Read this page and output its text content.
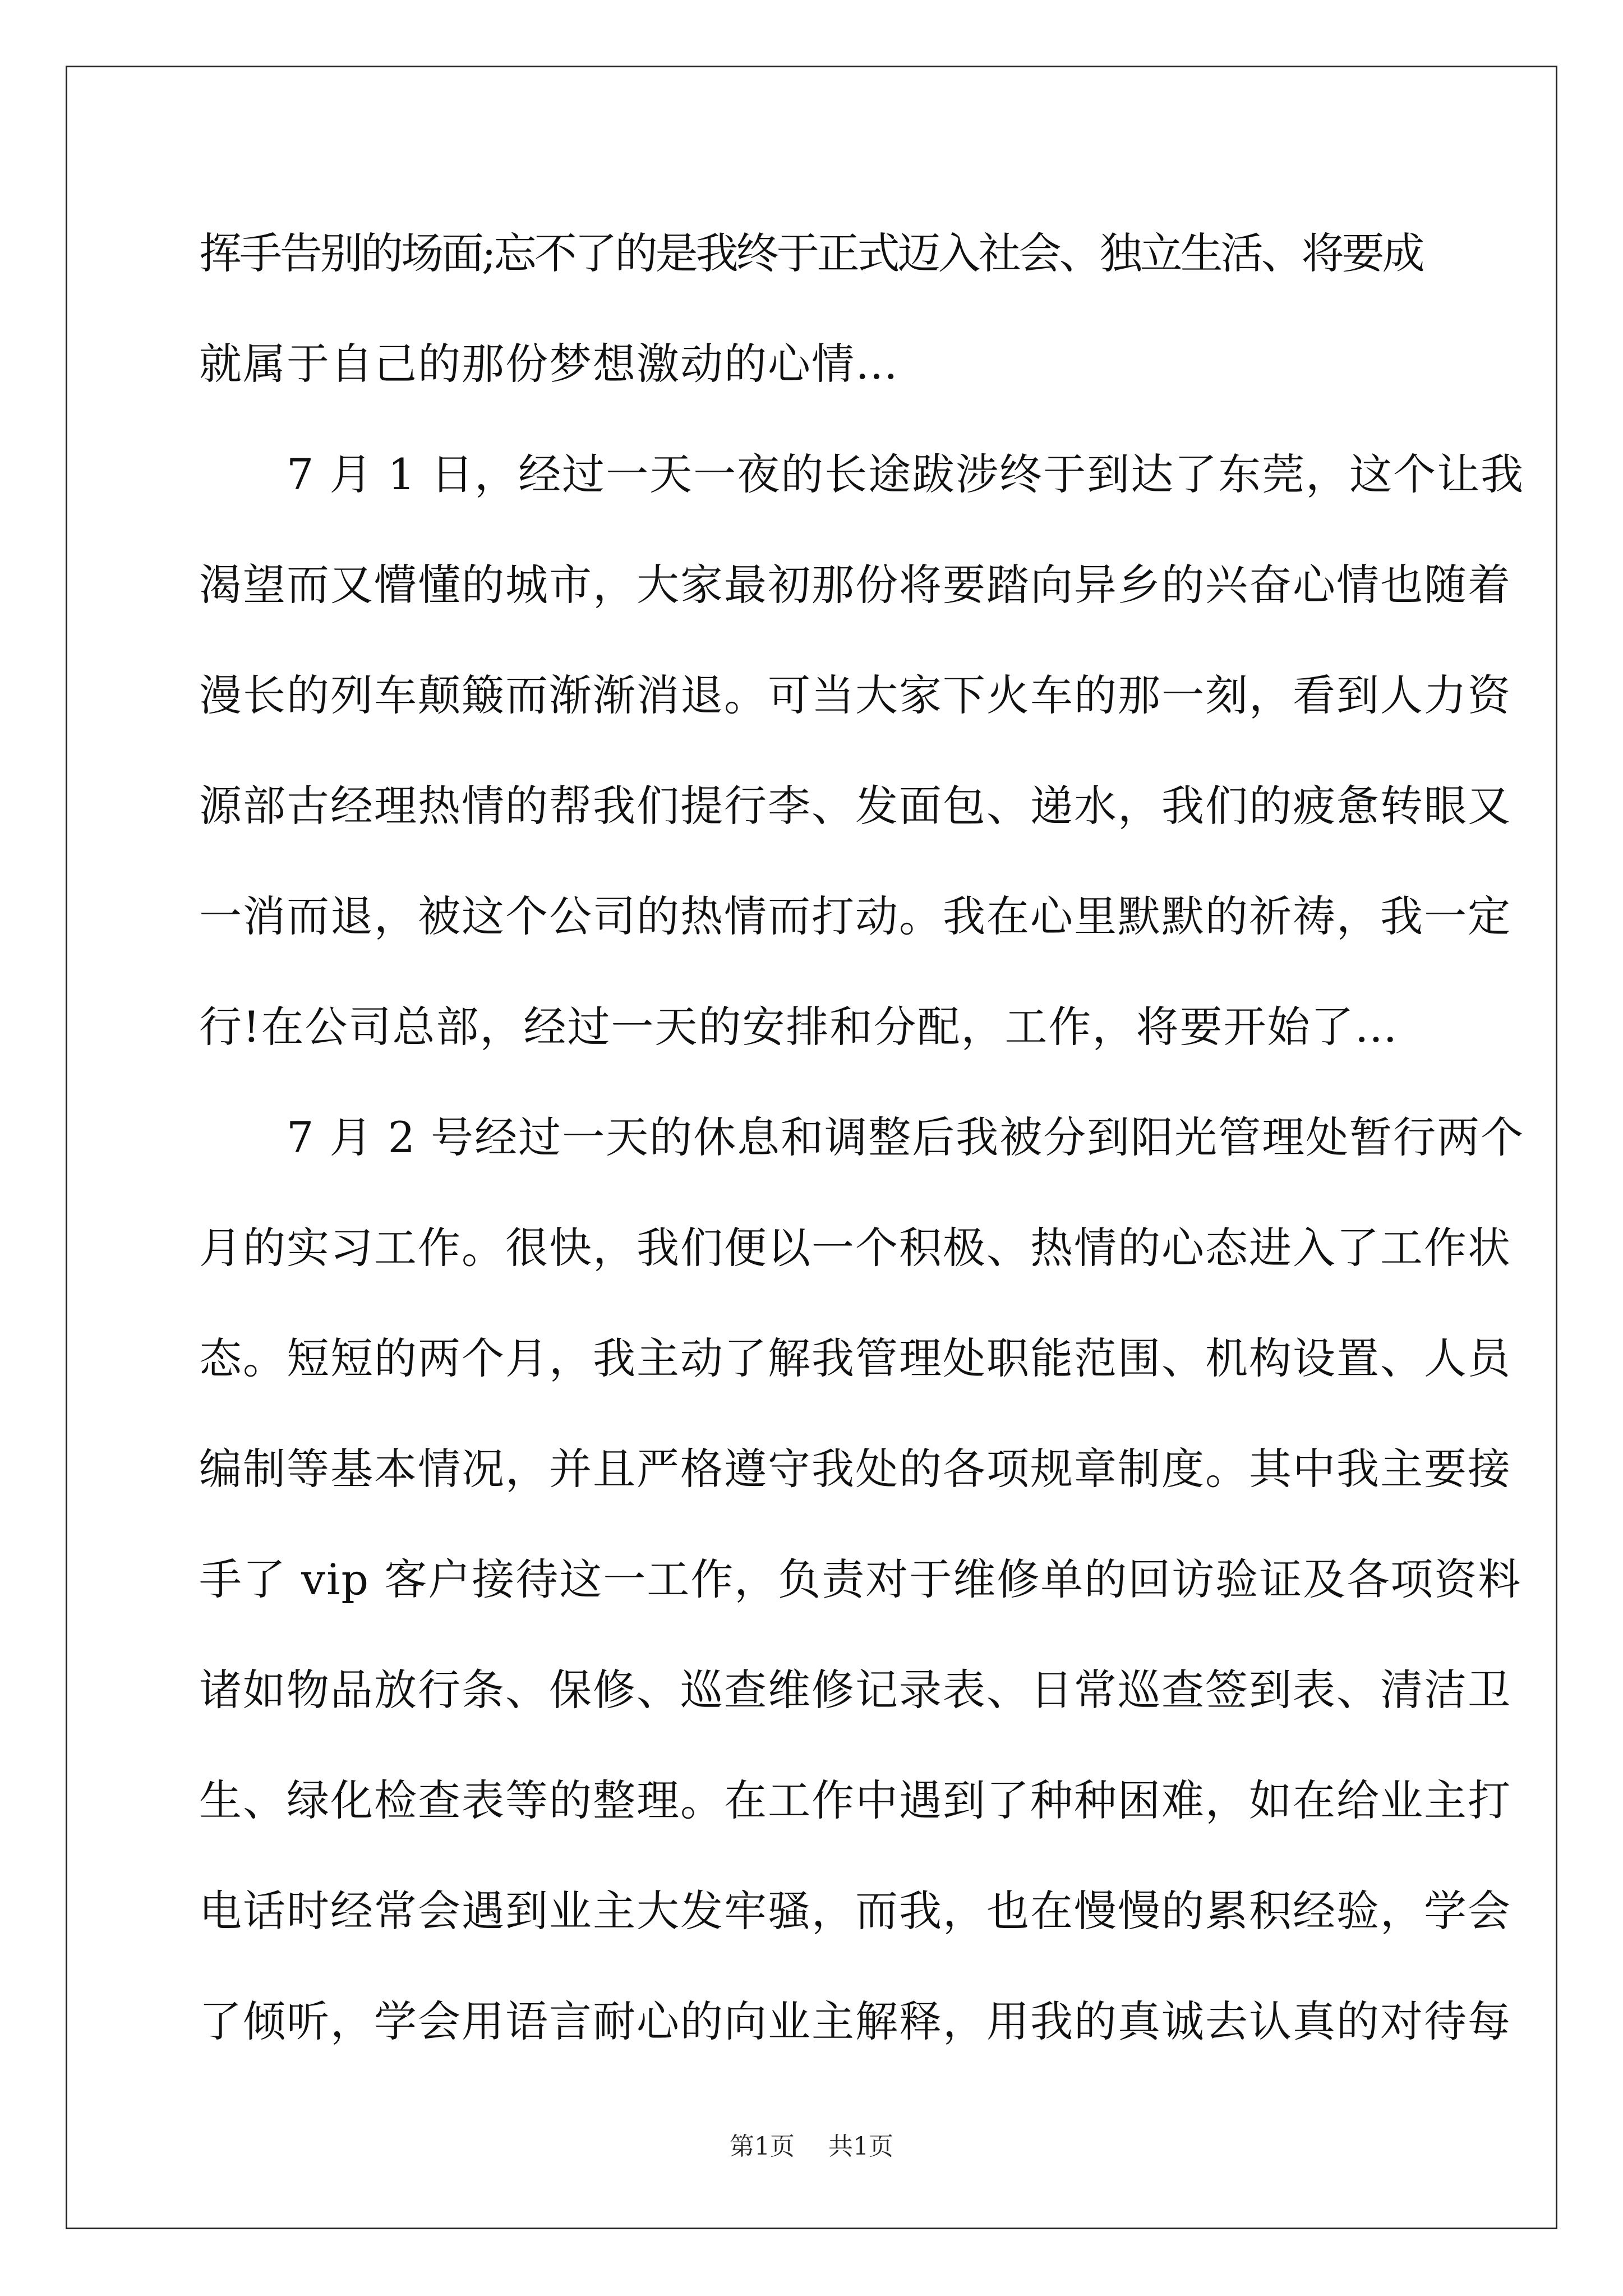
挥手告别的场面;忘不了的是我终于正式迈入社会、独立生活、将要成
就属于自己的那份梦想激动的心情…
　　7 月 1 日，经过一天一夜的长途跋涉终于到达了东莞，这个让我
渴望而又懵懂的城市，大家最初那份将要踏向异乡的兴奋心情也随着
漫长的列车颠簸而渐渐消退。可当大家下火车的那一刻，看到人力资
源部古经理热情的帮我们提行李、发面包、递水，我们的疲惫转眼又
一消而退，被这个公司的热情而打动。我在心里默默的祈祷，我一定
行!在公司总部，经过一天的安排和分配，工作，将要开始了…
　　7 月 2 号经过一天的休息和调整后我被分到阳光管理处暂行两个
月的实习工作。很快，我们便以一个积极、热情的心态进入了工作状
态。短短的两个月，我主动了解我管理处职能范围、机构设置、人员
编制等基本情况，并且严格遵守我处的各项规章制度。其中我主要接
手了 vip 客户接待这一工作，负责对于维修单的回访验证及各项资料
诸如物品放行条、保修、巡查维修记录表、日常巡查签到表、清洁卫
生、绿化检查表等的整理。在工作中遇到了种种困难，如在给业主打
电话时经常会遇到业主大发牢骚，而我，也在慢慢的累积经验，学会
了倾听，学会用语言耐心的向业主解释，用我的真诚去认真的对待每
第1页 共1页
